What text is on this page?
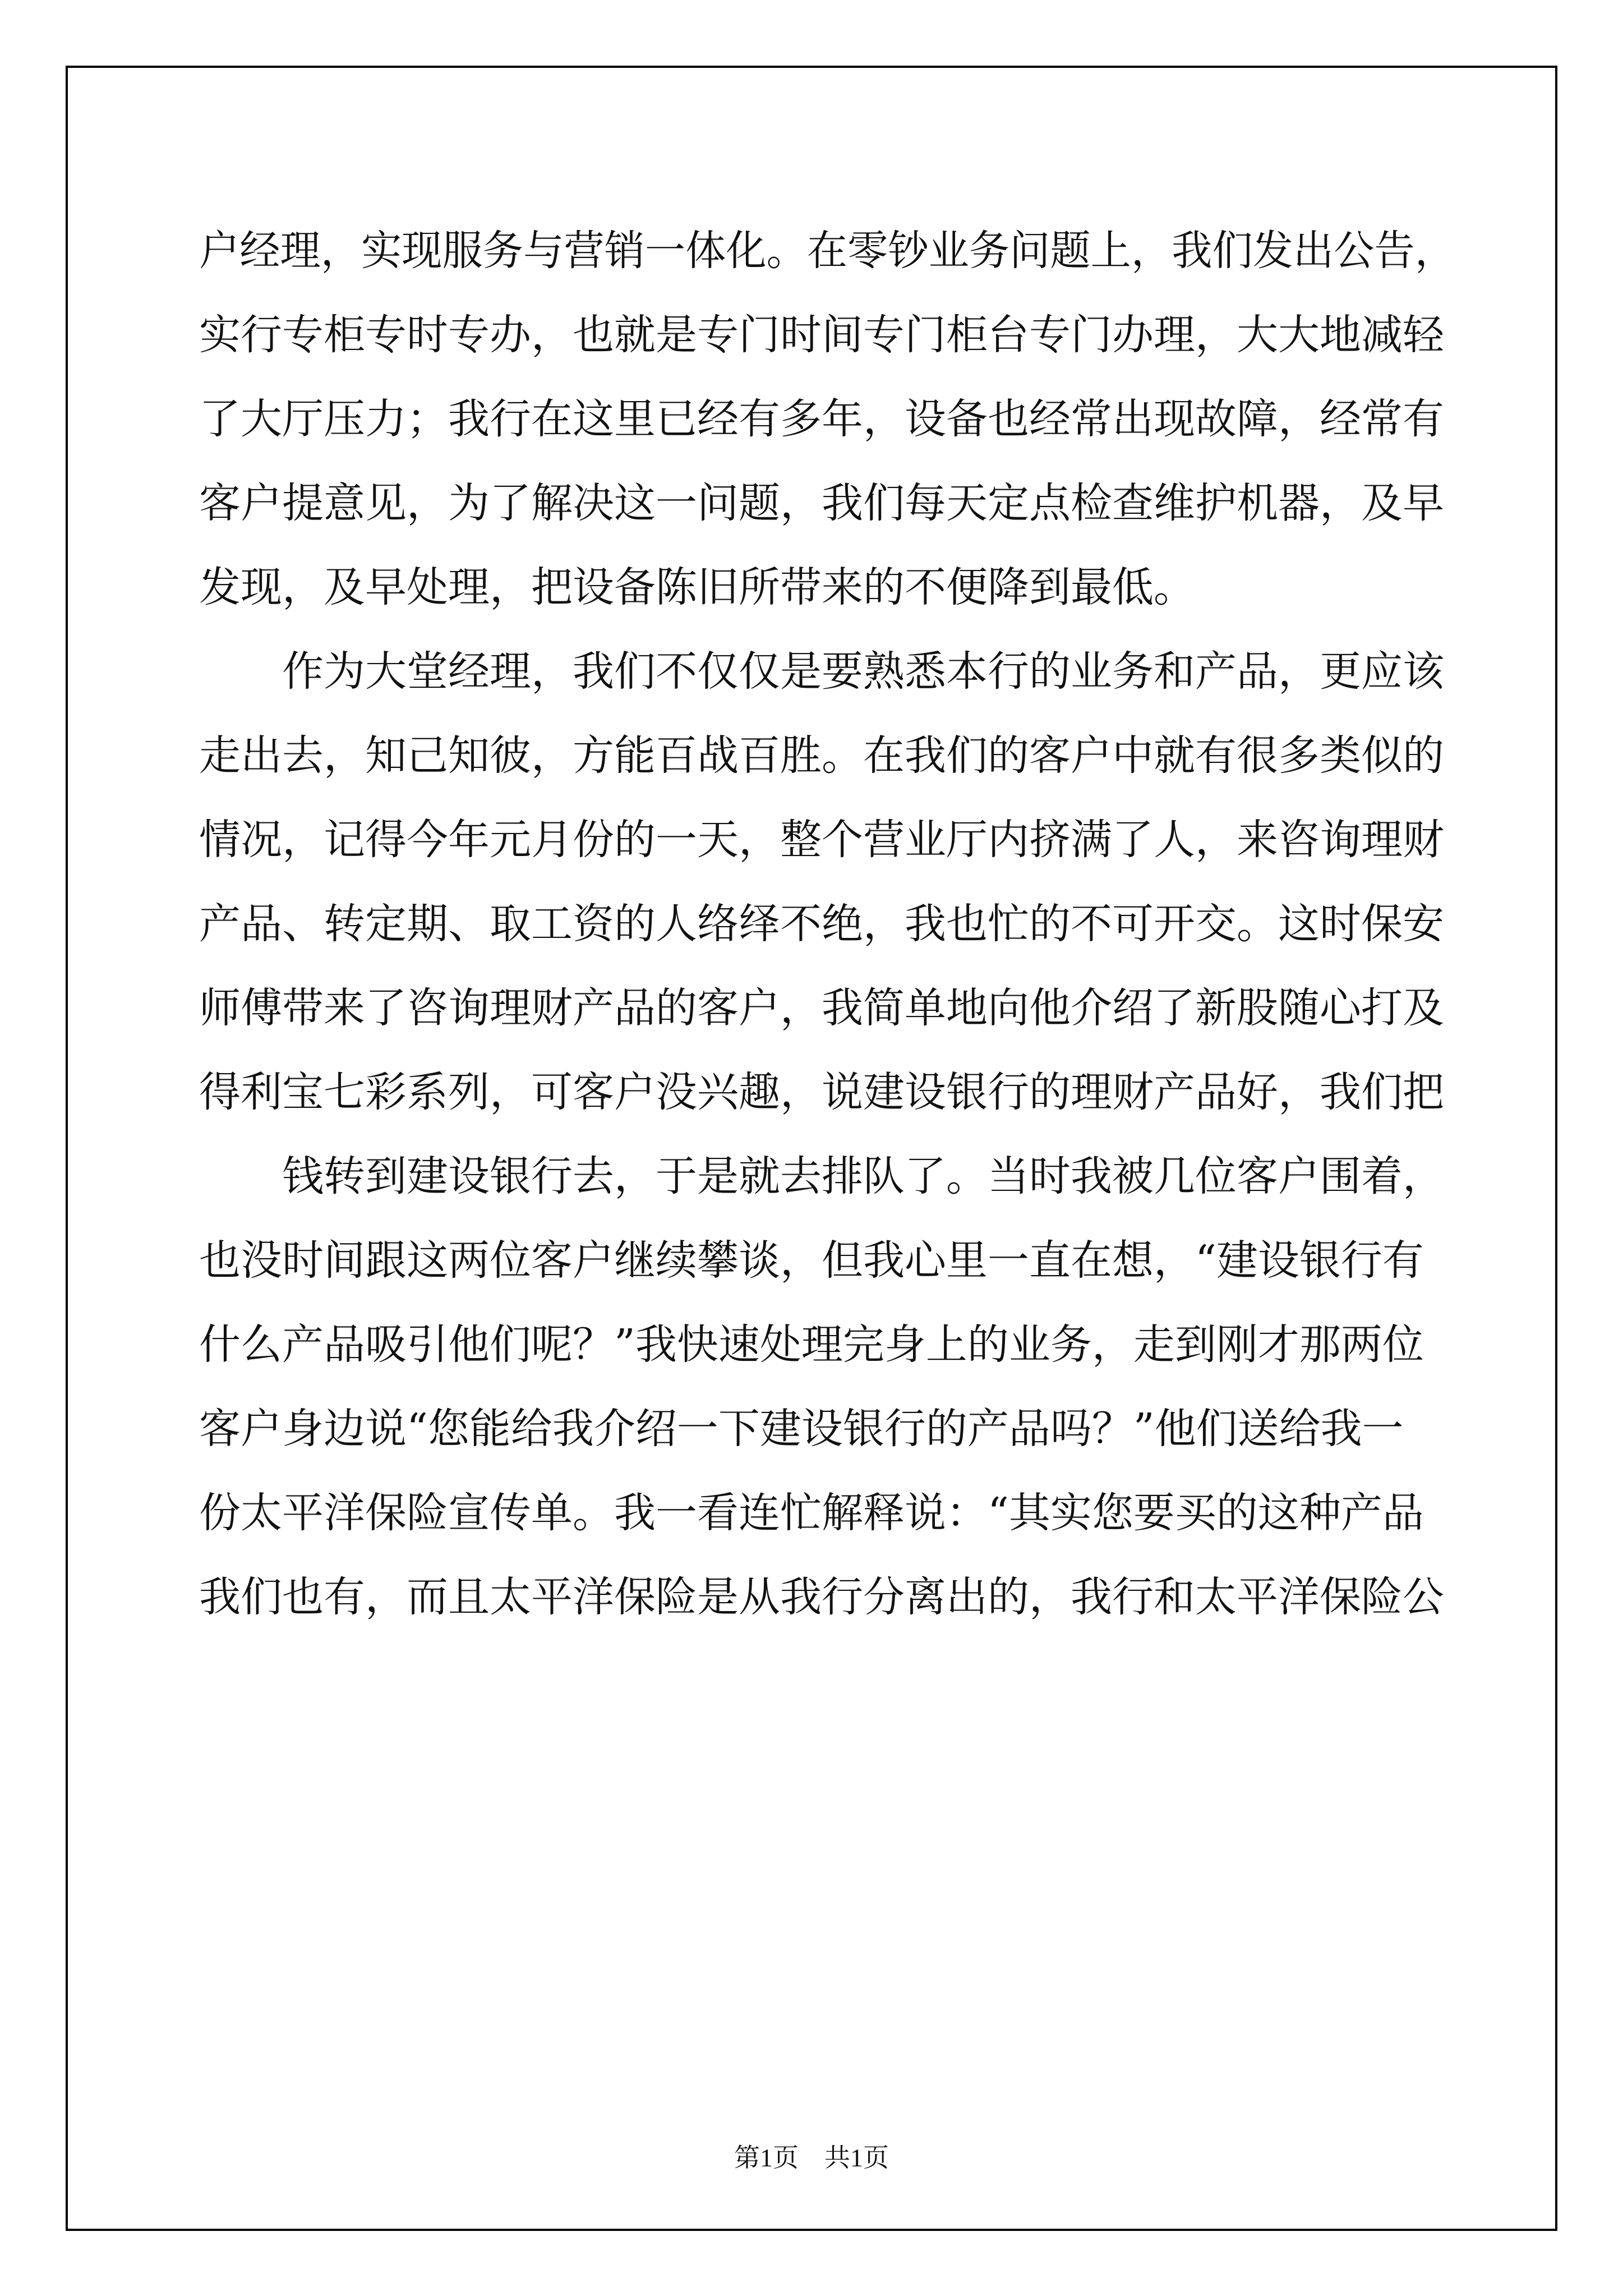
户经理，实现服务与营销一体化。在零钞业务问题上，我们发出公告，
实行专柜专时专办，也就是专门时间专门柜台专门办理，大大地减轻
了大厅压力；我行在这里已经有多年，设备也经常出现故障，经常有
客户提意见，为了解决这一问题，我们每天定点检查维护机器，及早
发现，及早处理，把设备陈旧所带来的不便降到最低。
作为大堂经理，我们不仅仅是要熟悉本行的业务和产品，更应该
走出去，知己知彼，方能百战百胜。在我们的客户中就有很多类似的
情况，记得今年元月份的一天，整个营业厅内挤满了人，来咨询理财
产品、转定期、取工资的人络绎不绝，我也忙的不可开交。这时保安
师傅带来了咨询理财产品的客户，我简单地向他介绍了新股随心打及
得利宝七彩系列，可客户没兴趣，说建设银行的理财产品好，我们把
钱转到建设银行去，于是就去排队了。当时我被几位客户围着，
也没时间跟这两位客户继续攀谈，但我心里一直在想，“建设银行有
什么产品吸引他们呢？”我快速处理完身上的业务，走到刚才那两位
客户身边说“您能给我介绍一下建设银行的产品吗？”他们送给我一
份太平洋保险宣传单。我一看连忙解释说：“其实您要买的这种产品
我们也有，而且太平洋保险是从我行分离出的，我行和太平洋保险公
第1页　共1页
